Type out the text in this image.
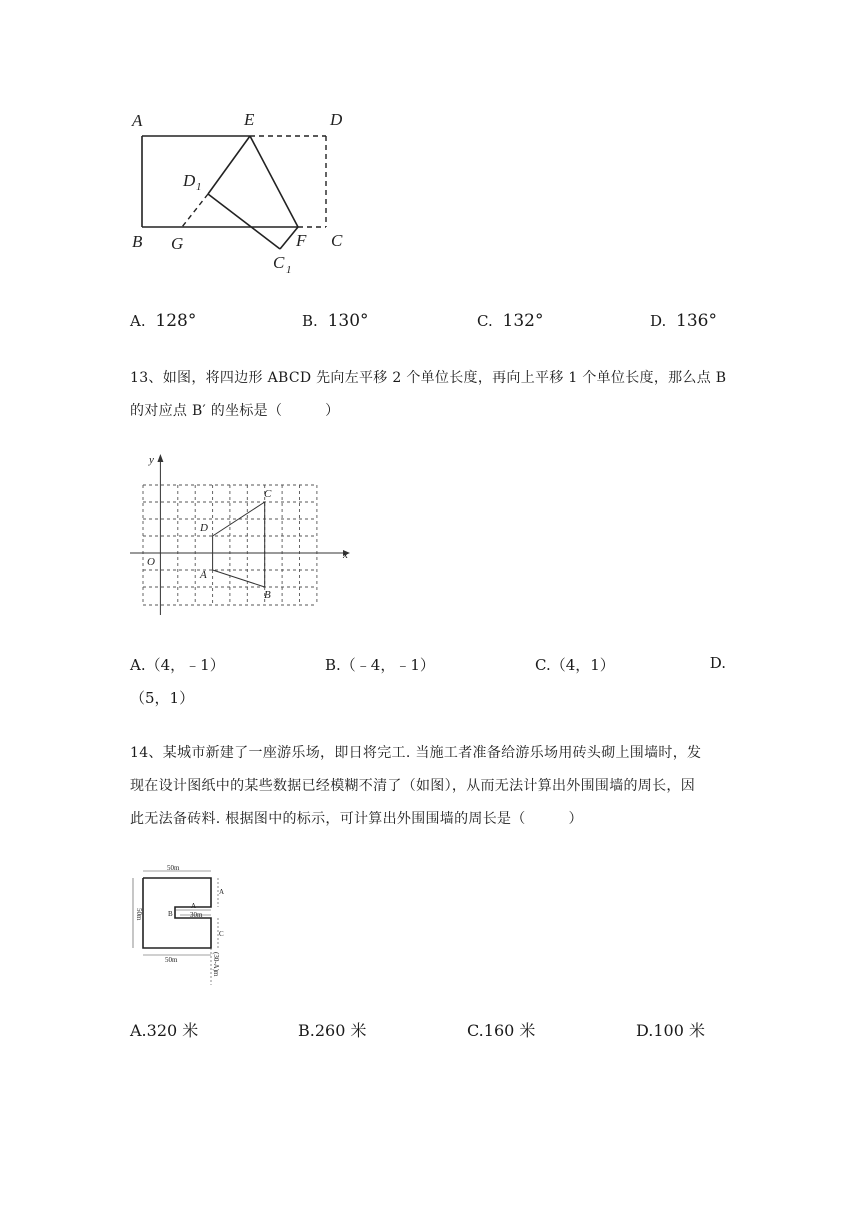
A	E	D
D 1
B G	F C
C 1
A. 128°	B. 130°	C. 132°	D. 136°
13、如图，将四边形 ABCD 先向左平移 2 个单位长度，再向上平移 1 个单位长度，那么点 B
的对应点 B′ 的坐标是（　　　）
x
y
O
C
D
A
B
A.（4，﹣1）	B.（﹣4，﹣1）	C.（4，1）	D.
（5，1）
14、某城市新建了一座游乐场，即日将完工. 当施工者准备给游乐场用砖头砌上围墙时，发
现在设计图纸中的某些数据已经模糊不清了（如图），从而无法计算出外围围墙的周长，因
此无法备砖料. 根据图中的标示，可计算出外围围墙的周长是（　　　）
50m
50m
50m
30m
A
A
B
C
(30-A)m
A.320 米	B.260 米	C.160 米	D.100 米
